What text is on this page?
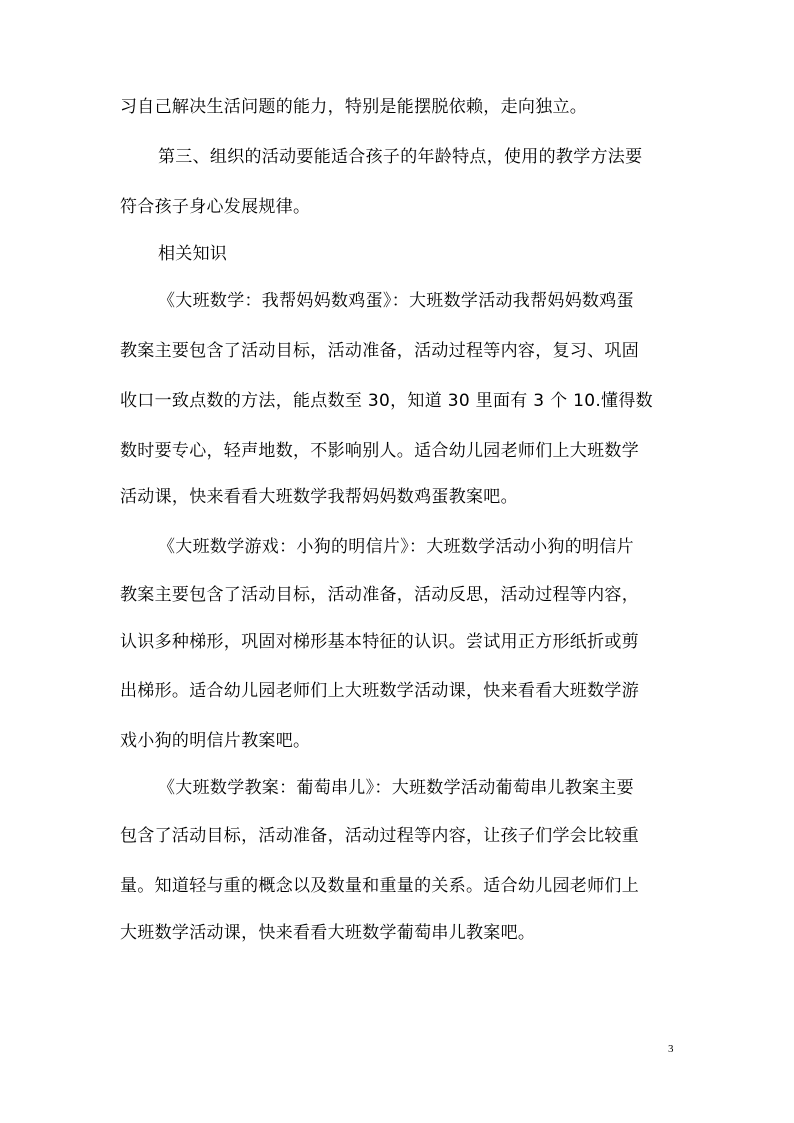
习自己解决生活问题的能力，特别是能摆脱依赖，走向独立。
第三、组织的活动要能适合孩子的年龄特点，使用的教学方法要
符合孩子身心发展规律。
相关知识
《大班数学：我帮妈妈数鸡蛋》：大班数学活动我帮妈妈数鸡蛋
教案主要包含了活动目标，活动准备，活动过程等内容，复习、巩固
收口一致点数的方法，能点数至 30，知道 30 里面有 3 个 10.懂得数
数时要专心，轻声地数，不影响别人。适合幼儿园老师们上大班数学
活动课，快来看看大班数学我帮妈妈数鸡蛋教案吧。
《大班数学游戏：小狗的明信片》：大班数学活动小狗的明信片
教案主要包含了活动目标，活动准备，活动反思，活动过程等内容，
认识多种梯形，巩固对梯形基本特征的认识。尝试用正方形纸折或剪
出梯形。适合幼儿园老师们上大班数学活动课，快来看看大班数学游
戏小狗的明信片教案吧。
《大班数学教案：葡萄串儿》：大班数学活动葡萄串儿教案主要
包含了活动目标，活动准备，活动过程等内容，让孩子们学会比较重
量。知道轻与重的概念以及数量和重量的关系。适合幼儿园老师们上
大班数学活动课，快来看看大班数学葡萄串儿教案吧。
3
